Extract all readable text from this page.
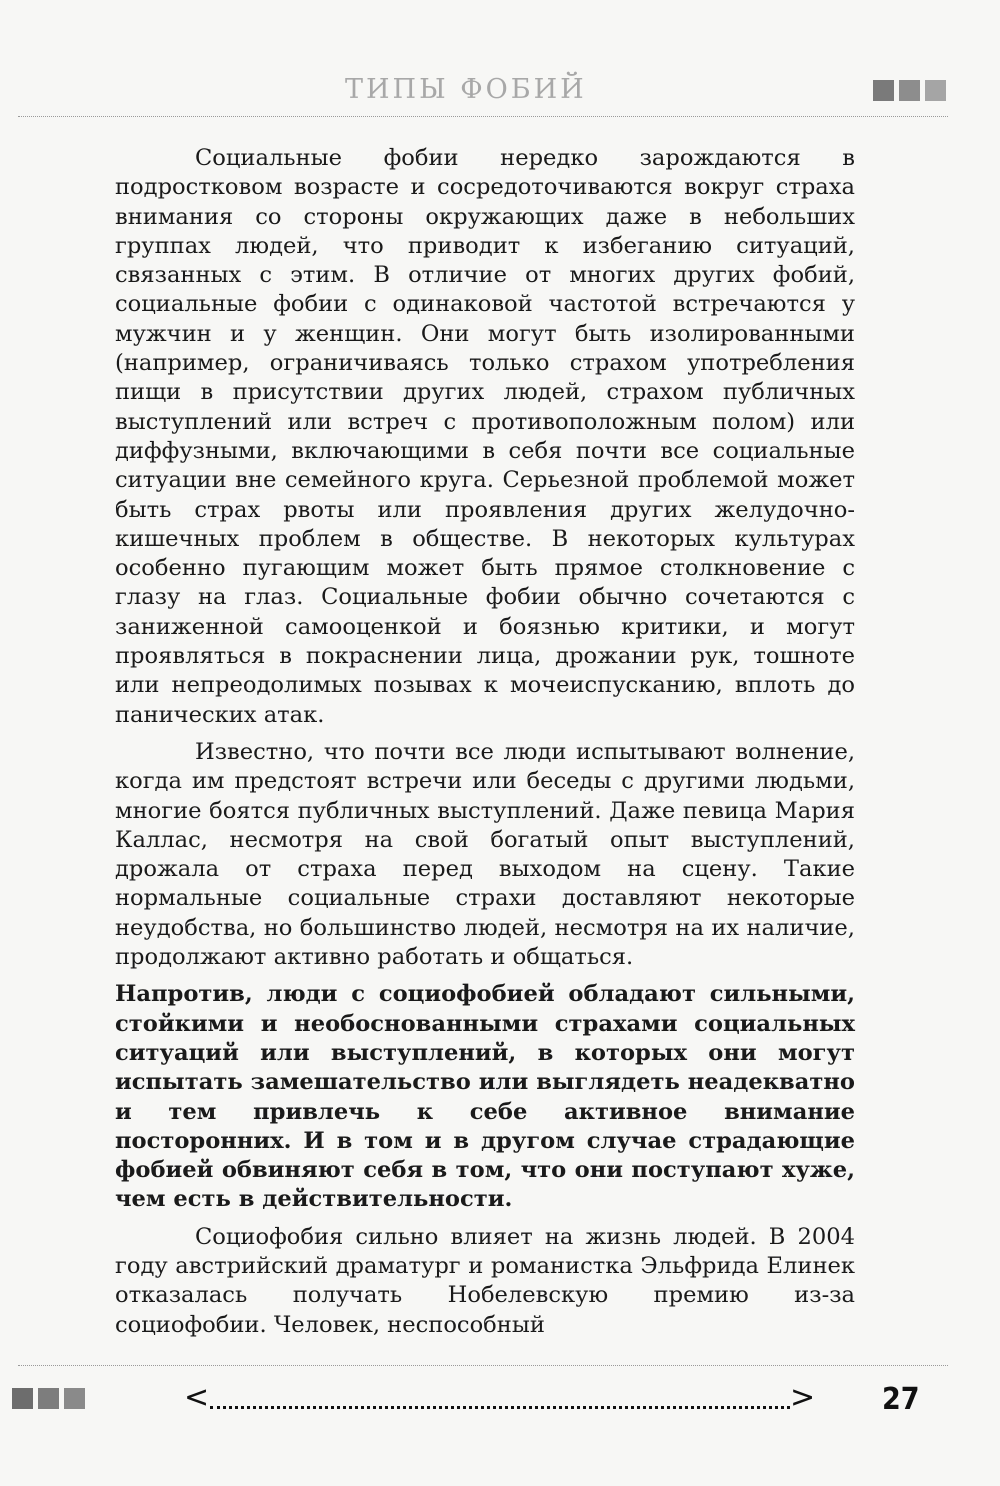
ТИПЫ ФОБИЙ

Социальные фобии нередко зарождаются в подростковом возрасте и сосредоточиваются вокруг страха внимания со стороны окружающих даже в небольших группах людей, что приводит к избеганию ситуаций, связанных с этим. В отличие от многих других фобий, социальные фобии с одинаковой частотой встречаются у мужчин и у женщин. Они могут быть изолированными (например, ограничиваясь только страхом употребления пищи в присутствии других людей, страхом публичных выступлений или встреч с противоположным полом) или диффузными, включающими в себя почти все социальные ситуации вне семейного круга. Серьезной проблемой может быть страх рвоты или проявления других желудочно-кишечных проблем в обществе. В некоторых культурах особенно пугающим может быть прямое столкновение с глазу на глаз. Социальные фобии обычно сочетаются с заниженной самооценкой и боязнью критики, и могут проявляться в покраснении лица, дрожании рук, тошноте или непреодолимых позывах к мочеиспусканию, вплоть до панических атак.

Известно, что почти все люди испытывают волнение, когда им предстоят встречи или беседы с другими людьми, многие боятся публичных выступлений. Даже певица Мария Каллас, несмотря на свой богатый опыт выступлений, дрожала от страха перед выходом на сцену. Такие нормальные социальные страхи доставляют некоторые неудобства, но большинство людей, несмотря на их наличие, продолжают активно работать и общаться.

Напротив, люди с социофобией обладают сильными, стойкими и необоснованными страхами социальных ситуаций или выступлений, в которых они могут испытать замешательство или выглядеть неадекватно и тем привлечь к себе активное внимание посторонних. И в том и в другом случае страдающие фобией обвиняют себя в том, что они поступают хуже, чем есть в действительности.

Социофобия сильно влияет на жизнь людей. В 2004 году австрийский драматург и романистка Эльфрида Елинек отказалась получать Нобелевскую премию из-за социофобии. Человек, неспособный

<	> 27
